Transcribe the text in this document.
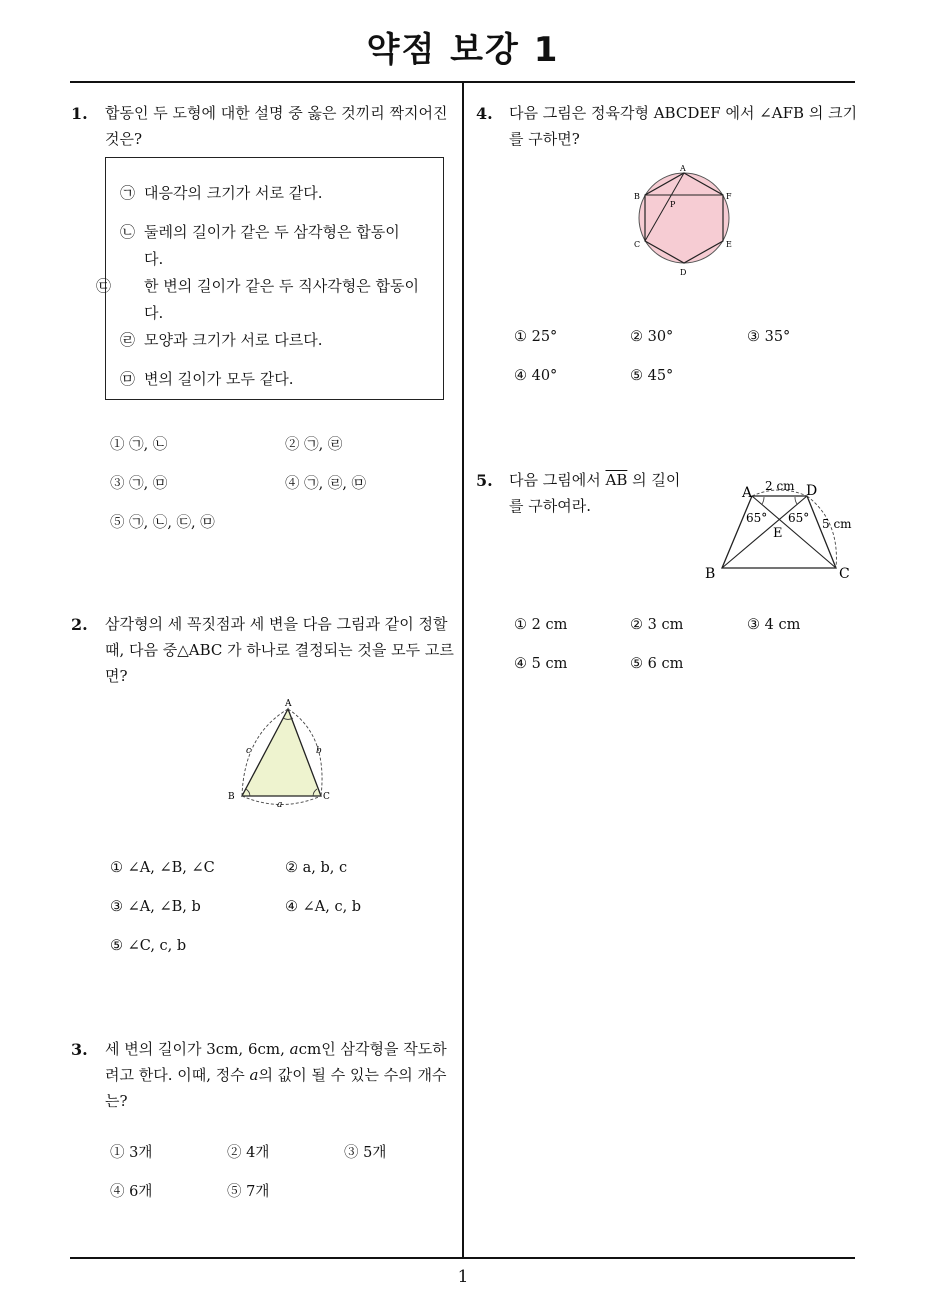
약점 보강 1
1
1. 합동인 두 도형에 대한 설명 중 옳은 것끼리 짝지어진 것은?
㉠ 대응각의 크기가 서로 같다.
㉡ 둘레의 길이가 같은 두 삼각형은 합동이다.
㉢ 한 변의 길이가 같은 두 직사각형은 합동이다.
㉣ 모양과 크기가 서로 다르다.
㉤ 변의 길이가 모두 같다.
① ㉠, ㉡	② ㉠, ㉣
③ ㉠, ㉤	④ ㉠, ㉣, ㉤
⑤ ㉠, ㉡, ㉢, ㉤
2. 삼각형의 세 꼭짓점과 세 변을 다음 그림과 같이 정할 때, 다음 중△ABC 가 하나로 결정되는 것을 모두 고르면?
A
B	C
a
b
c
① ∠A, ∠B, ∠C	② a, b, c
③ ∠A, ∠B, b	④ ∠A, c, b
⑤ ∠C, c, b
3. 세 변의 길이가 3cm, 6cm, acm인 삼각형을 작도하려고 한다. 이때, 정수 a의 값이 될 수 있는 수의 개수는?
① 3개	② 4개	③ 5개
④ 6개	⑤ 7개
4. 다음 그림은 정육각형 ABCDEF 에서 ∠AFB 의 크기를 구하면?
A
B
C
D
E
F
P
① 25°	② 30°	③ 35°
④ 40°	⑤ 45°
5. 다음 그림에서 $\overline{AB}$ 의 길이를 구하여라.
A	D
B	C
E
2 cm
5 cm
65° 65°
① 2 cm	② 3 cm	③ 4 cm
④ 5 cm	⑤ 6 cm
